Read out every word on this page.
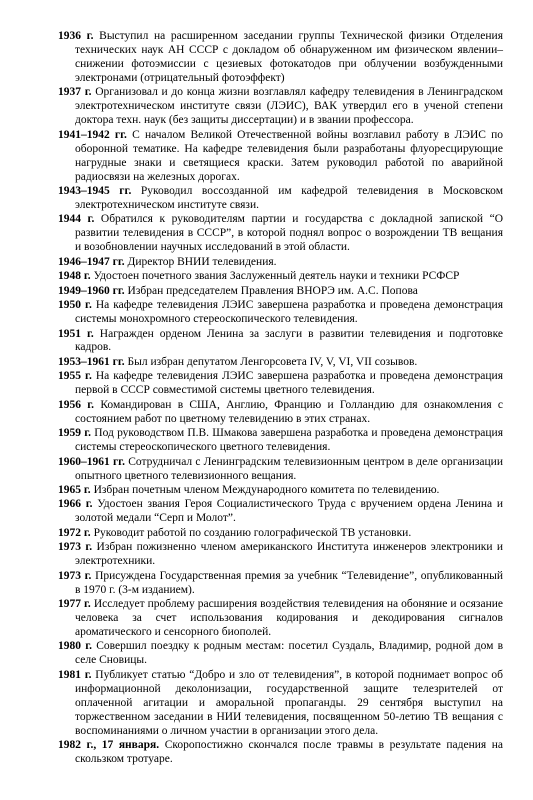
1936 г. Выступил на расширенном заседании группы Технической физики Отделения технических наук АН СССР с докладом об обнаруженном им физическом явлении–снижении фотоэмиссии с цезиевых фотокатодов при облучении возбужденными электронами (отрицательный фотоэффект)

1937 г. Организовал и до конца жизни возглавлял кафедру телевидения в Ленинградском электротехническом институте связи (ЛЭИС), ВАК утвердил его в ученой степени доктора техн. наук (без защиты диссертации) и в звании профессора.

1941–1942 гг. С началом Великой Отечественной войны возглавил работу в ЛЭИС по оборонной тематике. На кафедре телевидения были разработаны флуоресцирующие нагрудные знаки и светящиеся краски. Затем руководил работой по аварийной радиосвязи на железных дорогах.

1943–1945 гг. Руководил воссозданной им кафедрой телевидения в Московском электротехническом институте связи.

1944 г. Обратился к руководителям партии и государства с докладной запиской “О развитии телевидения в СССР”, в которой поднял вопрос о возрождении ТВ вещания и возобновлении научных исследований в этой области.

1946–1947 гг. Директор ВНИИ телевидения.

1948 г. Удостоен почетного звания Заслуженный деятель науки и техники РСФСР

1949–1960 гг. Избран председателем Правления ВНОРЭ им. А.С. Попова

1950 г. На кафедре телевидения ЛЭИС завершена разработка и проведена демонстрация системы монохромного стереоскопического телевидения.

1951 г. Награжден орденом Ленина за заслуги в развитии телевидения и подготовке кадров.

1953–1961 гг. Был избран депутатом Ленгорсовета IV, V, VI, VII созывов.

1955 г. На кафедре телевидения ЛЭИС завершена разработка и проведена демонстрация первой в СССР совместимой системы цветного телевидения.

1956 г. Командирован в США, Англию, Францию и Голландию для ознакомления с состоянием работ по цветному телевидению в этих странах.

1959 г. Под руководством П.В. Шмакова завершена разработка и проведена демонстрация системы стереоскопического цветного телевидения.

1960–1961 гг. Сотрудничал с Ленинградским телевизионным центром в деле организации опытного цветного телевизионного вещания.

1965 г. Избран почетным членом Международного комитета по телевидению.

1966 г. Удостоен звания Героя Социалистического Труда с вручением ордена Ленина и золотой медали “Серп и Молот”.

1972 г. Руководит работой по созданию голографической ТВ установки.

1973 г. Избран пожизненно членом американского Института инженеров электроники и электротехники.

1973 г. Присуждена Государственная премия за учебник “Телевидение”, опубликованный в 1970 г. (3-м изданием).

1977 г. Исследует проблему расширения воздействия телевидения на обоняние и осязание человека за счет использования кодирования и декодирования сигналов ароматического и сенсорного биополей.

1980 г. Совершил поездку к родным местам: посетил Суздаль, Владимир, родной дом в селе Сновицы.

1981 г. Публикует статью “Добро и зло от телевидения”, в которой поднимает вопрос об информационной деколонизации, государственной защите телезрителей от оплаченной агитации и аморальной пропаганды. 29 сентября выступил на торжественном заседании в НИИ телевидения, посвященном 50-летию ТВ вещания с воспоминаниями о личном участии в организации этого дела.

1982 г., 17 января. Скоропостижно скончался после травмы в результате падения на скользком тротуаре.
